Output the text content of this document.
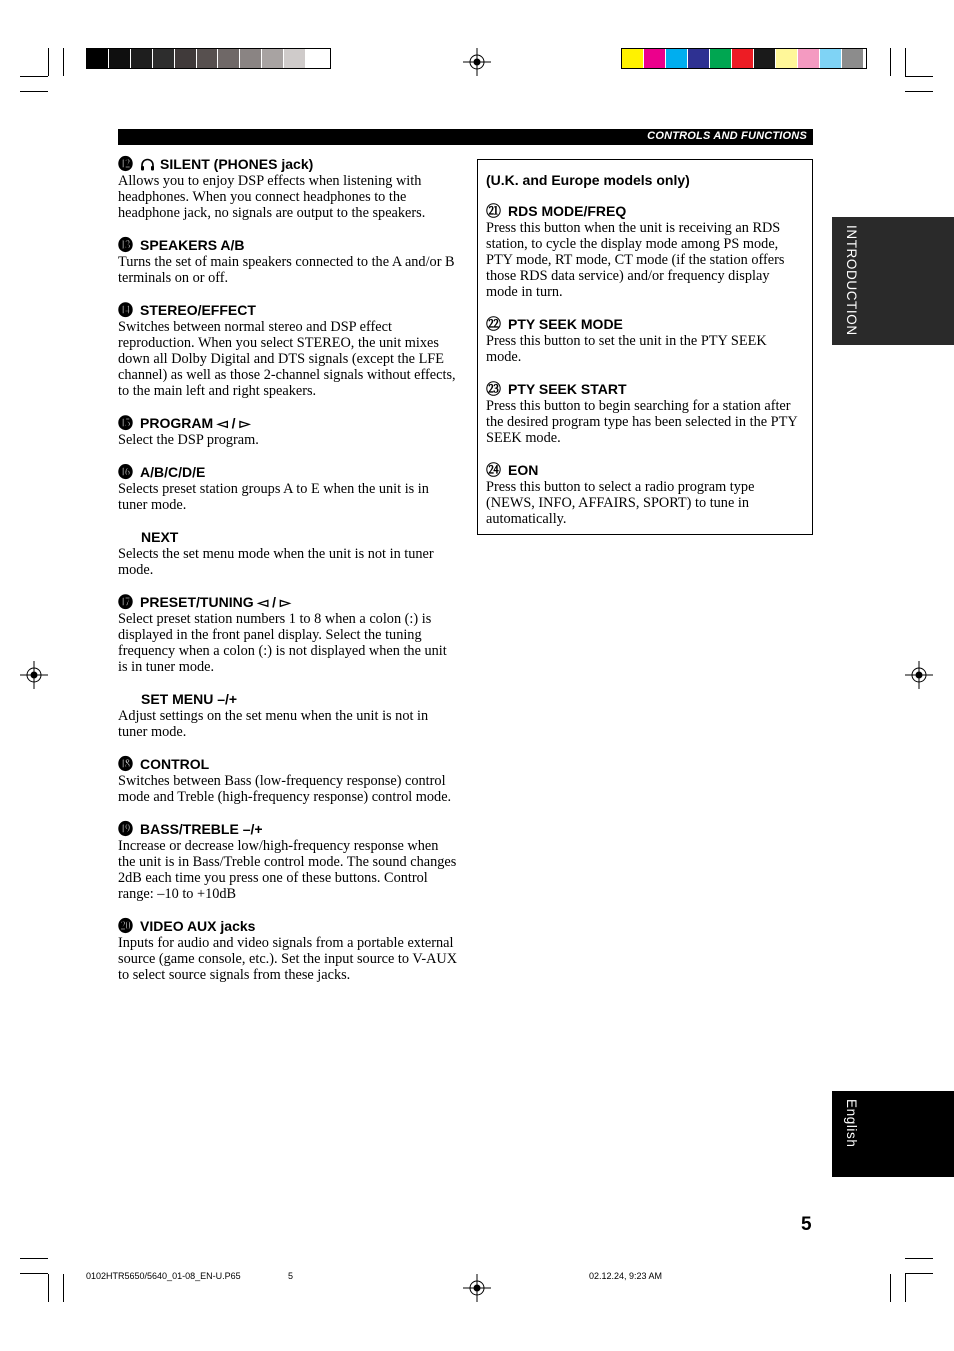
CONTROLS AND FUNCTIONS
⓬ SILENT (PHONES jack)

Allows you to enjoy DSP effects when listening with headphones. When you connect headphones to the headphone jack, no signals are output to the speakers.

⓭ SPEAKERS A/B

Turns the set of main speakers connected to the A and/or B terminals on or off.

⓮ STEREO/EFFECT

Switches between normal stereo and DSP effect reproduction. When you select STEREO, the unit mixes down all Dolby Digital and DTS signals (except the LFE channel) as well as those 2-channel signals without effects, to the main left and right speakers.

⓯ PROGRAM ◅ / ▻

Select the DSP program.

⓰ A/B/C/D/E

Selects preset station groups A to E when the unit is in tuner mode.

NEXT

Selects the set menu mode when the unit is not in tuner mode.

⓱ PRESET/TUNING ◅ / ▻

Select preset station numbers 1 to 8 when a colon (:) is displayed in the front panel display. Select the tuning frequency when a colon (:) is not displayed when the unit is in tuner mode.

SET MENU –/+

Adjust settings on the set menu when the unit is not in tuner mode.

⓲ CONTROL

Switches between Bass (low-frequency response) control mode and Treble (high-frequency response) control mode.

⓳ BASS/TREBLE –/+

Increase or decrease low/high-frequency response when the unit is in Bass/Treble control mode. The sound changes 2dB each time you press one of these buttons. Control range: –10 to +10dB

⓴ VIDEO AUX jacks

Inputs for audio and video signals from a portable external source (game console, etc.). Set the input source to V-AUX to select source signals from these jacks.

(U.K. and Europe models only)
㉑ RDS MODE/FREQ

Press this button when the unit is receiving an RDS station, to cycle the display mode among PS mode, PTY mode, RT mode, CT mode (if the station offers those RDS data service) and/or frequency display mode in turn.

㉒ PTY SEEK MODE

Press this button to set the unit in the PTY SEEK mode.

㉓ PTY SEEK START

Press this button to begin searching for a station after the desired program type has been selected in the PTY SEEK mode.

㉔ EON

Press this button to select a radio program type (NEWS, INFO, AFFAIRS, SPORT) to tune in automatically.

INTRODUCTION
English
5
0102HTR5650/5640_01-08_EN-U.P65	5	02.12.24, 9:23 AM
